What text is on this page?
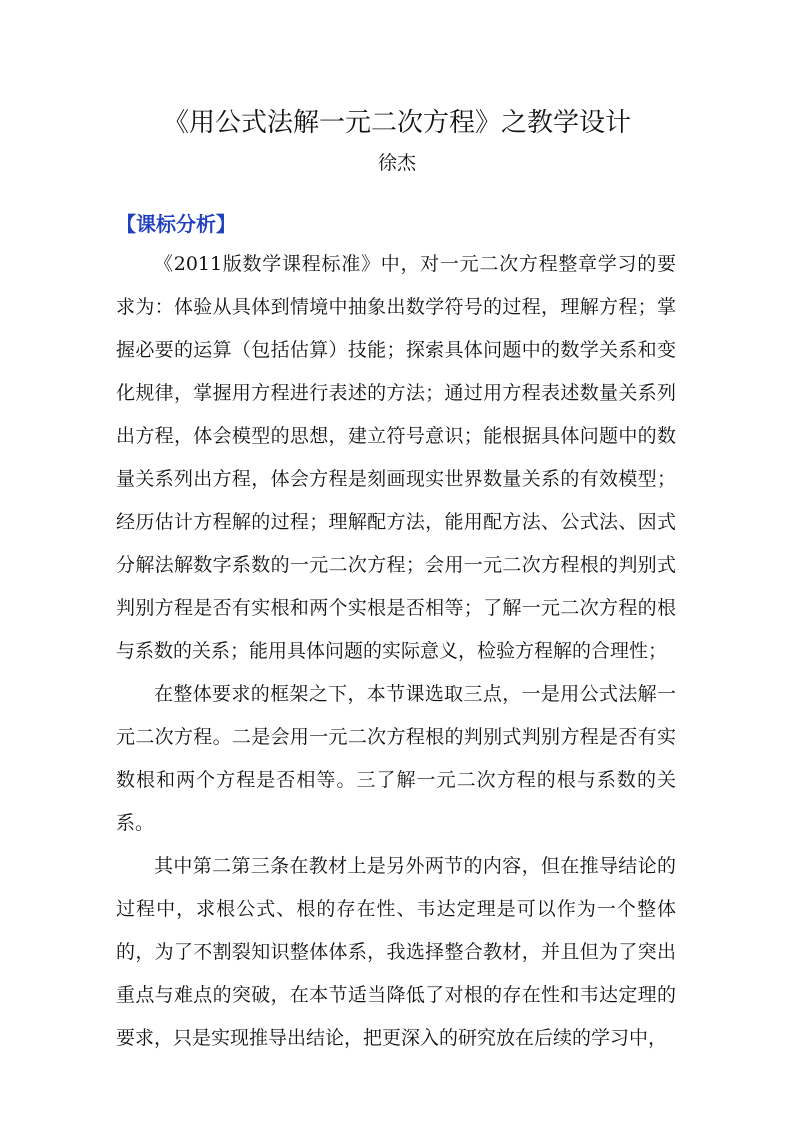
《用公式法解一元二次方程》之教学设计

徐杰

【课标分析】

《2011版数学课程标准》中，对一元二次方程整章学习的要求为：体验从具体到情境中抽象出数学符号的过程，理解方程；掌握必要的运算（包括估算）技能；探索具体问题中的数学关系和变化规律，掌握用方程进行表述的方法；通过用方程表述数量关系列出方程，体会模型的思想，建立符号意识；能根据具体问题中的数量关系列出方程，体会方程是刻画现实世界数量关系的有效模型；经历估计方程解的过程；理解配方法，能用配方法、公式法、因式分解法解数字系数的一元二次方程；会用一元二次方程根的判别式判别方程是否有实根和两个实根是否相等；了解一元二次方程的根与系数的关系；能用具体问题的实际意义，检验方程解的合理性；

在整体要求的框架之下，本节课选取三点，一是用公式法解一元二次方程。二是会用一元二次方程根的判别式判别方程是否有实数根和两个方程是否相等。三了解一元二次方程的根与系数的关系。

其中第二第三条在教材上是另外两节的内容，但在推导结论的过程中，求根公式、根的存在性、韦达定理是可以作为一个整体的，为了不割裂知识整体体系，我选择整合教材，并且但为了突出重点与难点的突破，在本节适当降低了对根的存在性和韦达定理的要求，只是实现推导出结论，把更深入的研究放在后续的学习中，
